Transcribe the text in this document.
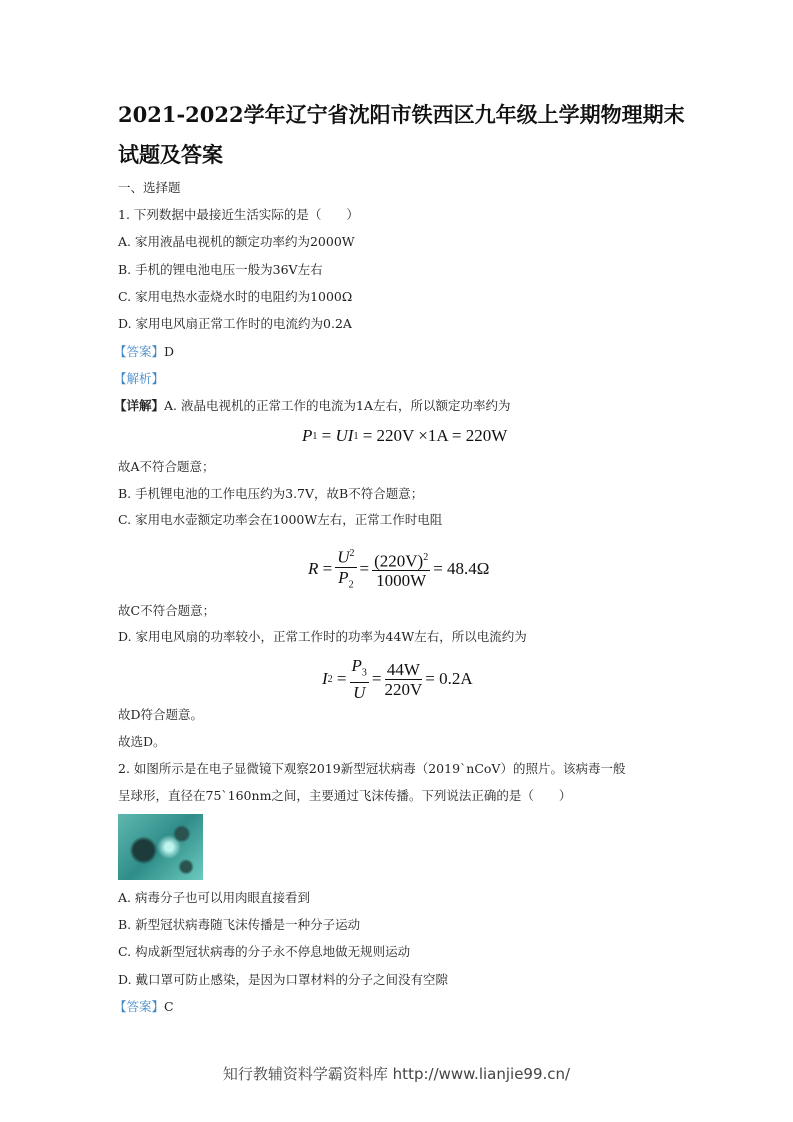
2021-2022学年辽宁省沈阳市铁西区九年级上学期物理期末
试题及答案
一、选择题
1. 下列数据中最接近生活实际的是（　　）
A. 家用液晶电视机的额定功率约为2000W
B. 手机的锂电池电压一般为36V左右
C. 家用电热水壶烧水时的电阻约为1000Ω
D. 家用电风扇正常工作时的电流约为0.2A
【答案】D
【解析】
【详解】A. 液晶电视机的正常工作的电流为1A左右，所以额定功率约为
P 1 = UI 1 = 220V ×1A = 220W
故A不符合题意；
B. 手机锂电池的工作电压约为3.7V，故B不符合题意；
C. 家用电水壶额定功率会在1000W左右，正常工作时电阻
$R = \frac{U^2}{P_2} = \frac{(220V)^2}{1000W} = 48.4\Omega$
故C不符合题意；
D. 家用电风扇的功率较小，正常工作时的功率为44W左右，所以电流约为
I $2 = \frac{P_3}{U} = \frac{44W}{220V} = 0.2A$
故D符合题意。
故选D。
2. 如图所示是在电子显微镜下观察2019新型冠状病毒（2019`nCoV）的照片。该病毒一般
呈球形，直径在75`160nm之间，主要通过飞沫传播。下列说法正确的是（　　）
A. 病毒分子也可以用肉眼直接看到
B. 新型冠状病毒随飞沫传播是一种分子运动
C. 构成新型冠状病毒的分子永不停息地做无规则运动
D. 戴口罩可防止感染，是因为口罩材料的分子之间没有空隙
【答案】C
知行教辅资料学霸资料库 http://www.lianjie99.cn/
